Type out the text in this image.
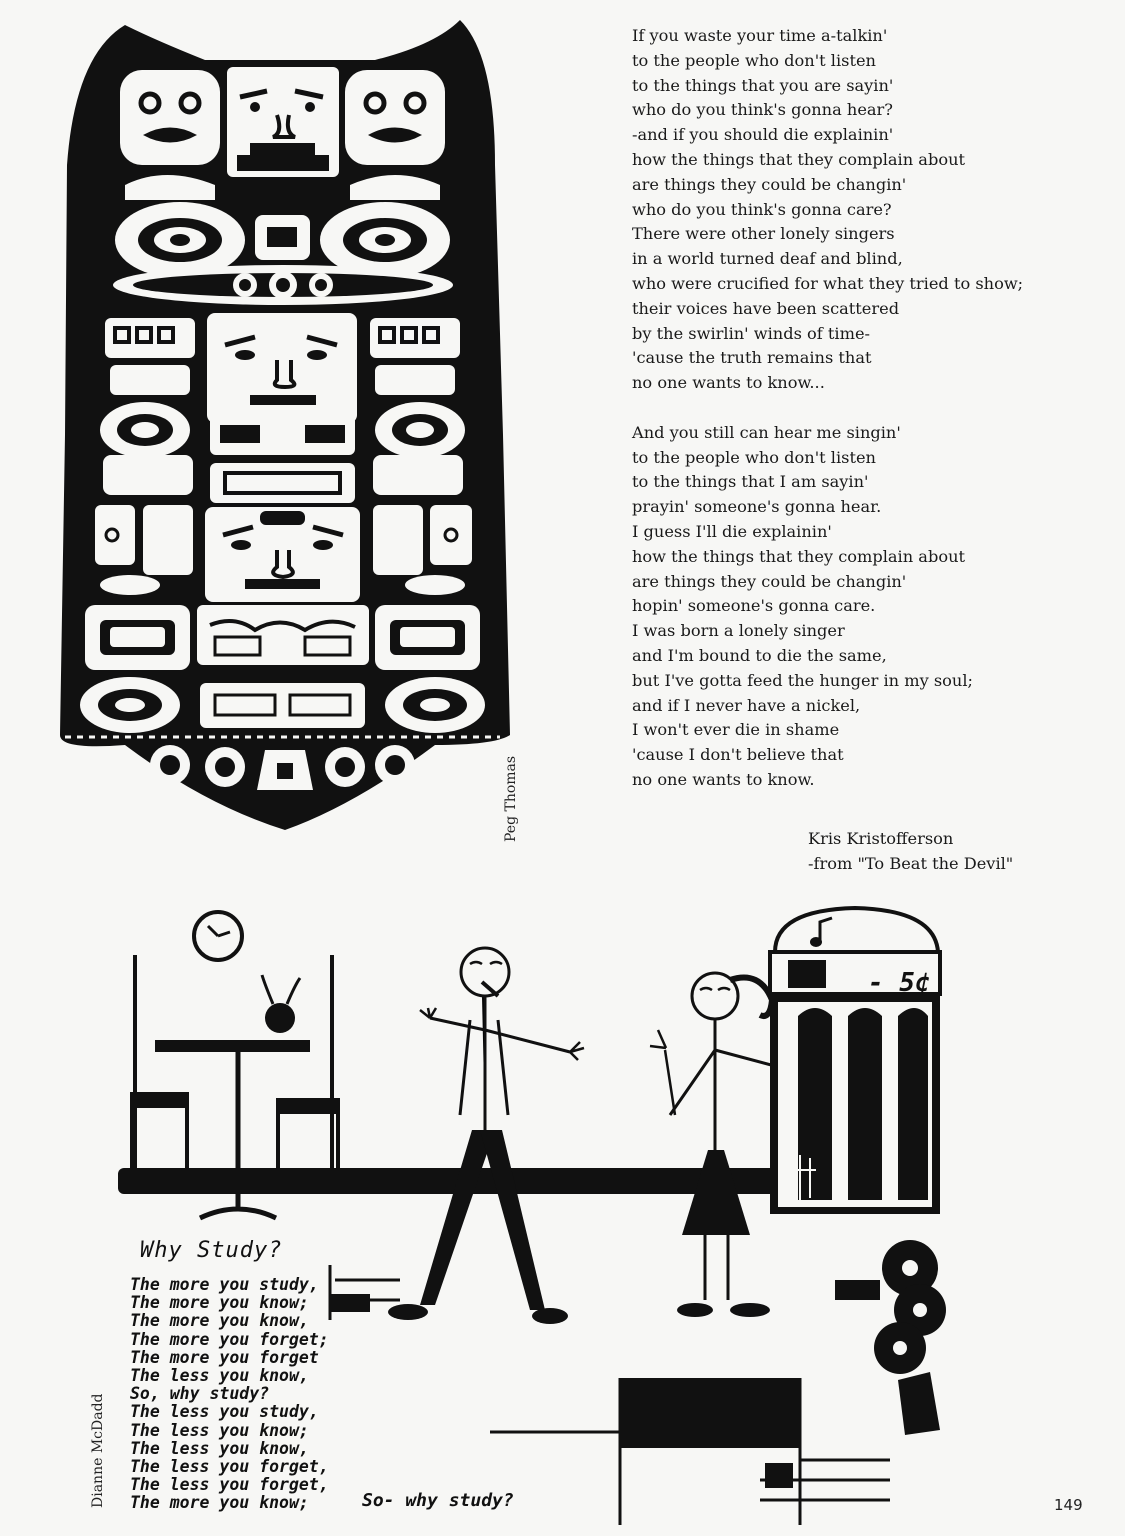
If you waste your time a-talkin'
to the people who don't listen
to the things that you are sayin'
who do you think's gonna hear?
-and if you should die explainin'
how the things that they complain about
are things they could be changin'
who do you think's gonna care?
There were other lonely singers
in a world turned deaf and blind,
who were crucified for what they tried to show;
their voices have been scattered
by the swirlin' winds of time-
'cause the truth remains that
no one wants to know...
And you still can hear me singin'
to the people who don't listen
to the things that I am sayin'
prayin' someone's gonna hear.
I guess I'll die explainin'
how the things that they complain about
are things they could be changin'
hopin' someone's gonna care.
I was born a lonely singer
and I'm bound to die the same,
but I've gotta feed the hunger in my soul;
and if I never have a nickel,
I won't ever die in shame
'cause I don't believe that
no one wants to know.
Kris Kristofferson
-from "To Beat the Devil"
Peg Thomas
Dianne McDadd
- 5¢
Why Study?
The more you study,
The more you know;
The more you know,
The more you forget;
The more you forget
The less you know,
So, why study?
The less you study,
The less you know;
The less you know,
The less you forget,
The less you forget,
The more you know;	So- why study?	149
